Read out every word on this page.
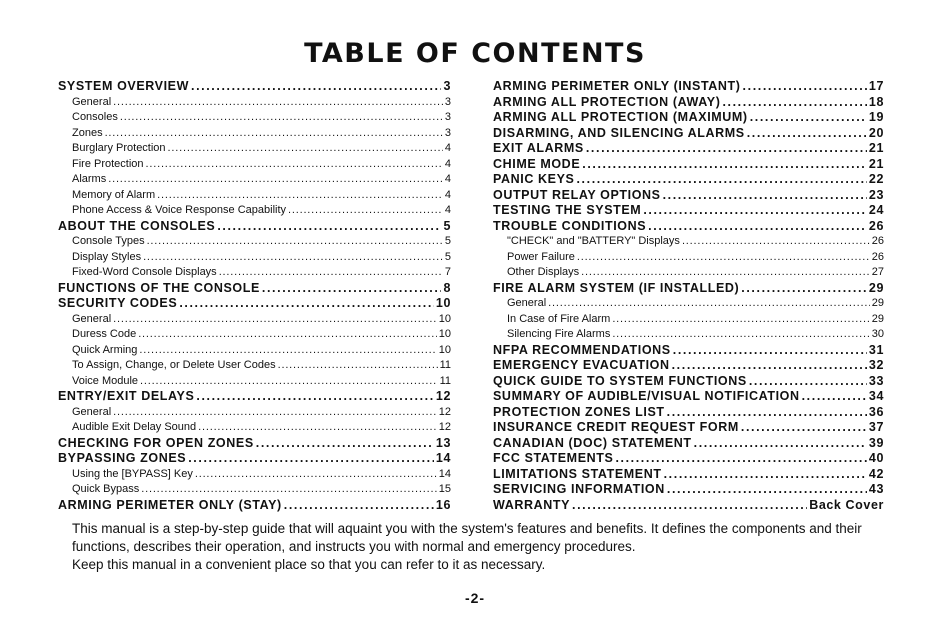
TABLE OF CONTENTS
SYSTEM OVERVIEW .....	3
General .....	3
Consoles .....	3
Zones .....	3
Burglary Protection .....	4
Fire Protection .....	4
Alarms .....	4
Memory of Alarm .....	4
Phone Access & Voice Response Capability .....	4
ABOUT THE CONSOLES .....	5
Console Types .....	5
Display Styles .....	5
Fixed-Word Console Displays .....	7
FUNCTIONS OF THE CONSOLE .....	8
SECURITY CODES .....	10
General .....	10
Duress Code .....	10
Quick Arming .....	10
To Assign, Change, or Delete User Codes .....	11
Voice Module .....	11
ENTRY/EXIT DELAYS .....	12
General .....	12
Audible Exit Delay Sound .....	12
CHECKING FOR OPEN ZONES .....	13
BYPASSING ZONES .....	14
Using the [BYPASS] Key .....	14
Quick Bypass .....	15
ARMING PERIMETER ONLY (STAY) .....	16
ARMING PERIMETER ONLY (INSTANT) .....	17
ARMING ALL PROTECTION (AWAY) .....	18
ARMING ALL PROTECTION (MAXIMUM) .....	19
DISARMING, AND SILENCING ALARMS .....	20
EXIT ALARMS .....	21
CHIME MODE .....	21
PANIC KEYS .....	22
OUTPUT RELAY OPTIONS .....	23
TESTING THE SYSTEM .....	24
TROUBLE CONDITIONS .....	26
"CHECK" and "BATTERY" Displays .....	26
Power Failure .....	26
Other Displays .....	27
FIRE ALARM SYSTEM (IF INSTALLED) .....	29
General .....	29
In Case of Fire Alarm .....	29
Silencing Fire Alarms .....	30
NFPA RECOMMENDATIONS .....	31
EMERGENCY EVACUATION .....	32
QUICK GUIDE TO SYSTEM FUNCTIONS .....	33
SUMMARY OF AUDIBLE/VISUAL NOTIFICATION .....	34
PROTECTION ZONES LIST .....	36
INSURANCE CREDIT REQUEST FORM .....	37
CANADIAN (DOC) STATEMENT .....	39
FCC STATEMENTS .....	40
LIMITATIONS STATEMENT .....	42
SERVICING INFORMATION .....	43
WARRANTY .....	Back Cover

This manual is a step-by-step guide that will aquaint you with the system's features and benefits. It defines the components and their functions, describes their operation, and instructs you with normal and emergency procedures.

Keep this manual in a convenient place so that you can refer to it as necessary.

-2-
